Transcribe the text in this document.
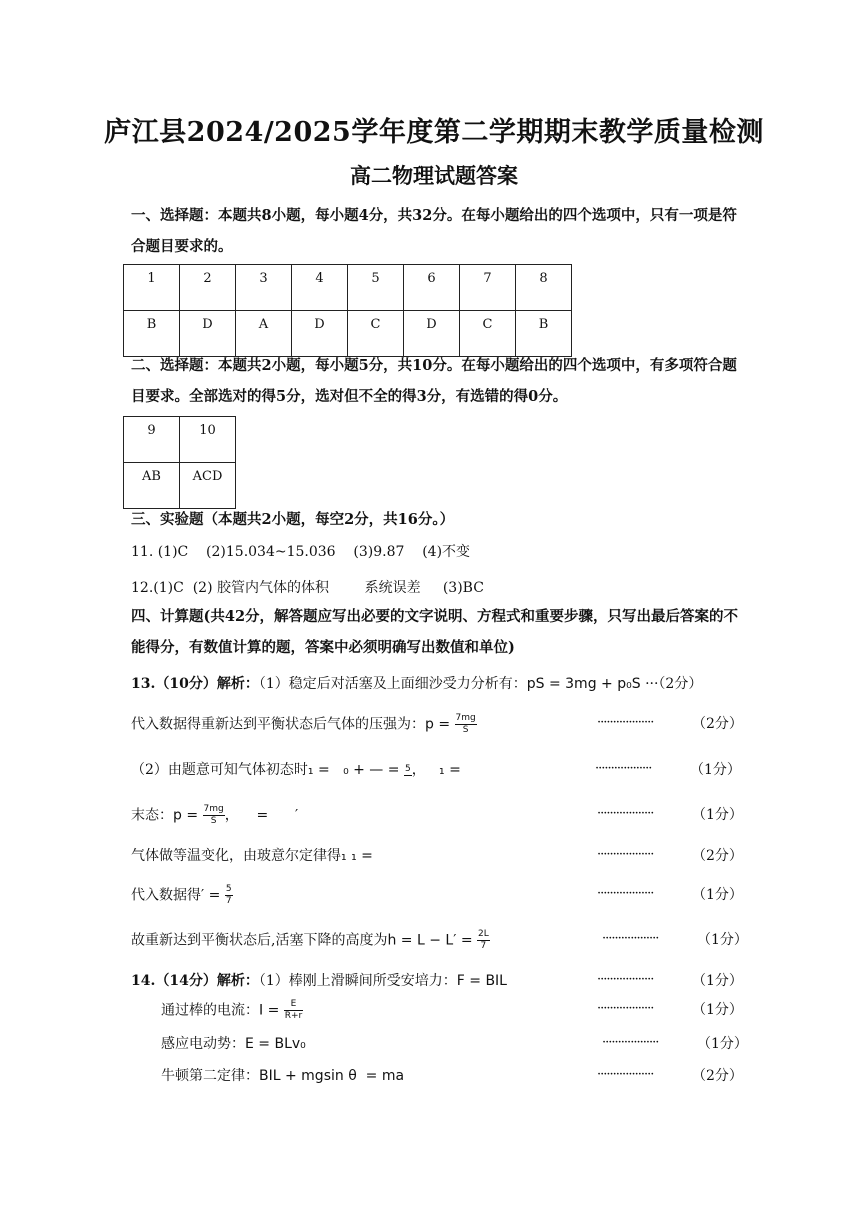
庐江县2024/2025学年度第二学期期末教学质量检测
高二物理试题答案
一、选择题：本题共8小题，每小题4分，共32分。在每小题给出的四个选项中，只有一项是符合题目要求的。
1	2	3	4	5	6	7	8
B	D	A	D	C	D	C	B
二、选择题：本题共2小题，每小题5分，共10分。在每小题给出的四个选项中，有多项符合题目要求。全部选对的得5分，选对但不全的得3分，有选错的得0分。
9	10
AB	ACD
三、实验题（本题共2小题，每空2分，共16分。）
11. (1)C    (2)15.034~15.036    (3)9.87    (4)不变
12.(1)C  (2) 胶管内气体的体积        系统误差     (3)BC
四、计算题(共42分，解答题应写出必要的文字说明、方程式和重要步骤，只写出最后答案的不能得分，有数值计算的题，答案中必须明确写出数值和单位)
13.（10分）解析：（1）稳定后对活塞及上面细沙受力分析有：pS = 3mg + p₀S ···（2分）
代入数据得重新达到平衡状态后气体的压强为：$p = \frac{7mg}{S}$	··················	（2分）
（2）由题意可知气体初态时₁ =   ₀ + — = 5 ，   ₁ =	··················	（1分）
末态：$p = \frac{7mg}{S}$ ，    =      ′	··················	（1分）
气体做等温变化，由玻意尔定律得₁ ₁ =	··················	（2分）
代入数据得′ = $\frac{5}{7}$	··················	（1分）
故重新达到平衡状态后,活塞下降的高度为$h = L - L' = \frac{2L}{7}$	··················	（1分）
14.（14分）解析：（1）棒刚上滑瞬间所受安培力：F = BIL	··················	（1分）
通过棒的电流：$I = \frac{E}{R+r}$	··················	（1分）
感应电动势：E = BLv₀	··················	（1分）
牛顿第二定律：BIL + mgsin θ  = ma	··················	（2分）
